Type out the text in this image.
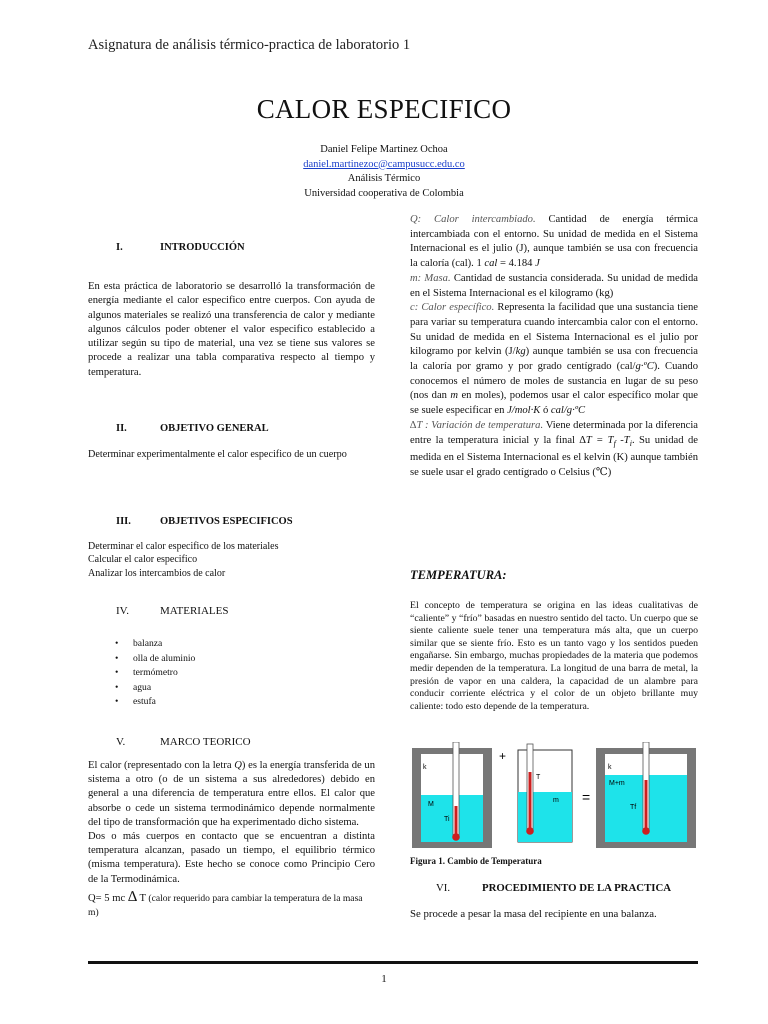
Asignatura de análisis térmico-practica de laboratorio 1
CALOR ESPECIFICO
Daniel Felipe Martinez Ochoa
daniel.martinezoc@campusucc.edu.co
Análisis Térmico
Universidad cooperativa de Colombia
I.	INTRODUCCIÓN
En esta práctica de laboratorio se desarrolló la transformación de energía mediante el calor especifico entre cuerpos. Con ayuda de algunos materiales se realizó una transferencia de calor y mediante algunos cálculos poder obtener el valor especifico establecido a utilizar según su tipo de material, una vez se tiene sus valores se procede a realizar una tabla comparativa respecto al tiempo y temperatura.
II.	OBJETIVO GENERAL
Determinar experimentalmente el calor especifico de un cuerpo
III.	OBJETIVOS ESPECIFICOS
Determinar el calor especifico de los materiales
Calcular el calor especifico
Analizar los intercambios de calor
IV.	MATERIALES
• balanza
• olla de aluminio
• termómetro
• agua
• estufa
V.	MARCO TEORICO
El calor (representado con la letra Q) es la energía transferida de un sistema a otro (o de un sistema a sus alrededores) debido en general a una diferencia de temperatura entre ellos. El calor que absorbe o cede un sistema termodinámico depende normalmente del tipo de transformación que ha experimentado dicho sistema.
Dos o más cuerpos en contacto que se encuentran a distinta temperatura alcanzan, pasado un tiempo, el equilibrio térmico (misma temperatura). Este hecho se conoce como Principio Cero de la Termodinámica.
Q= 5 mc ∆ T (calor requerido para cambiar la temperatura de la masa m)
Q: Calor intercambiado. Cantidad de energía térmica intercambiada con el entorno. Su unidad de medida en el Sistema Internacional es el julio (J), aunque también se usa con frecuencia la caloría (cal). 1 cal = 4.184 J
m: Masa. Cantidad de sustancia considerada. Su unidad de medida en el Sistema Internacional es el kilogramo (kg)
c: Calor específico. Representa la facilidad que una sustancia tiene para variar su temperatura cuando intercambia calor con el entorno. Su unidad de medida en el Sistema Internacional es el julio por kilogramo por kelvin (J/kg) aunque también se usa con frecuencia la caloría por gramo y por grado centígrado (cal/g·ºC). Cuando conocemos el número de moles de sustancia en lugar de su peso (nos dan m en moles), podemos usar el calor específico molar que se suele especificar en J/mol·K ó cal/g·ºC
∆T : Variación de temperatura. Viene determinada por la diferencia entre la temperatura inicial y la final $\Delta T = T_f$ $-T_i$. Su unidad de medida en el Sistema Internacional es el kelvin (K) aunque también se suele usar el grado centígrado o Celsius (℃)
TEMPERATURA:
El concepto de temperatura se origina en las ideas cualitativas de “caliente” y “frío” basadas en nuestro sentido del tacto. Un cuerpo que se siente caliente suele tener una temperatura más alta, que un cuerpo similar que se siente frío. Esto es un tanto vago y los sentidos pueden engañarse. Sin embargo, muchas propiedades de la materia que podemos medir dependen de la temperatura. La longitud de una barra de metal, la presión de vapor en una caldera, la capacidad de un alambre para conducir corriente eléctrica y el color de un objeto brillante muy caliente: todo esto depende de la temperatura.
k
M
Ti
T
m
k
M+m
Tf
+
=
Figura 1. Cambio de Temperatura
VI.	PROCEDIMIENTO DE LA PRACTICA
Se procede a pesar la masa del recipiente en una balanza.
1
